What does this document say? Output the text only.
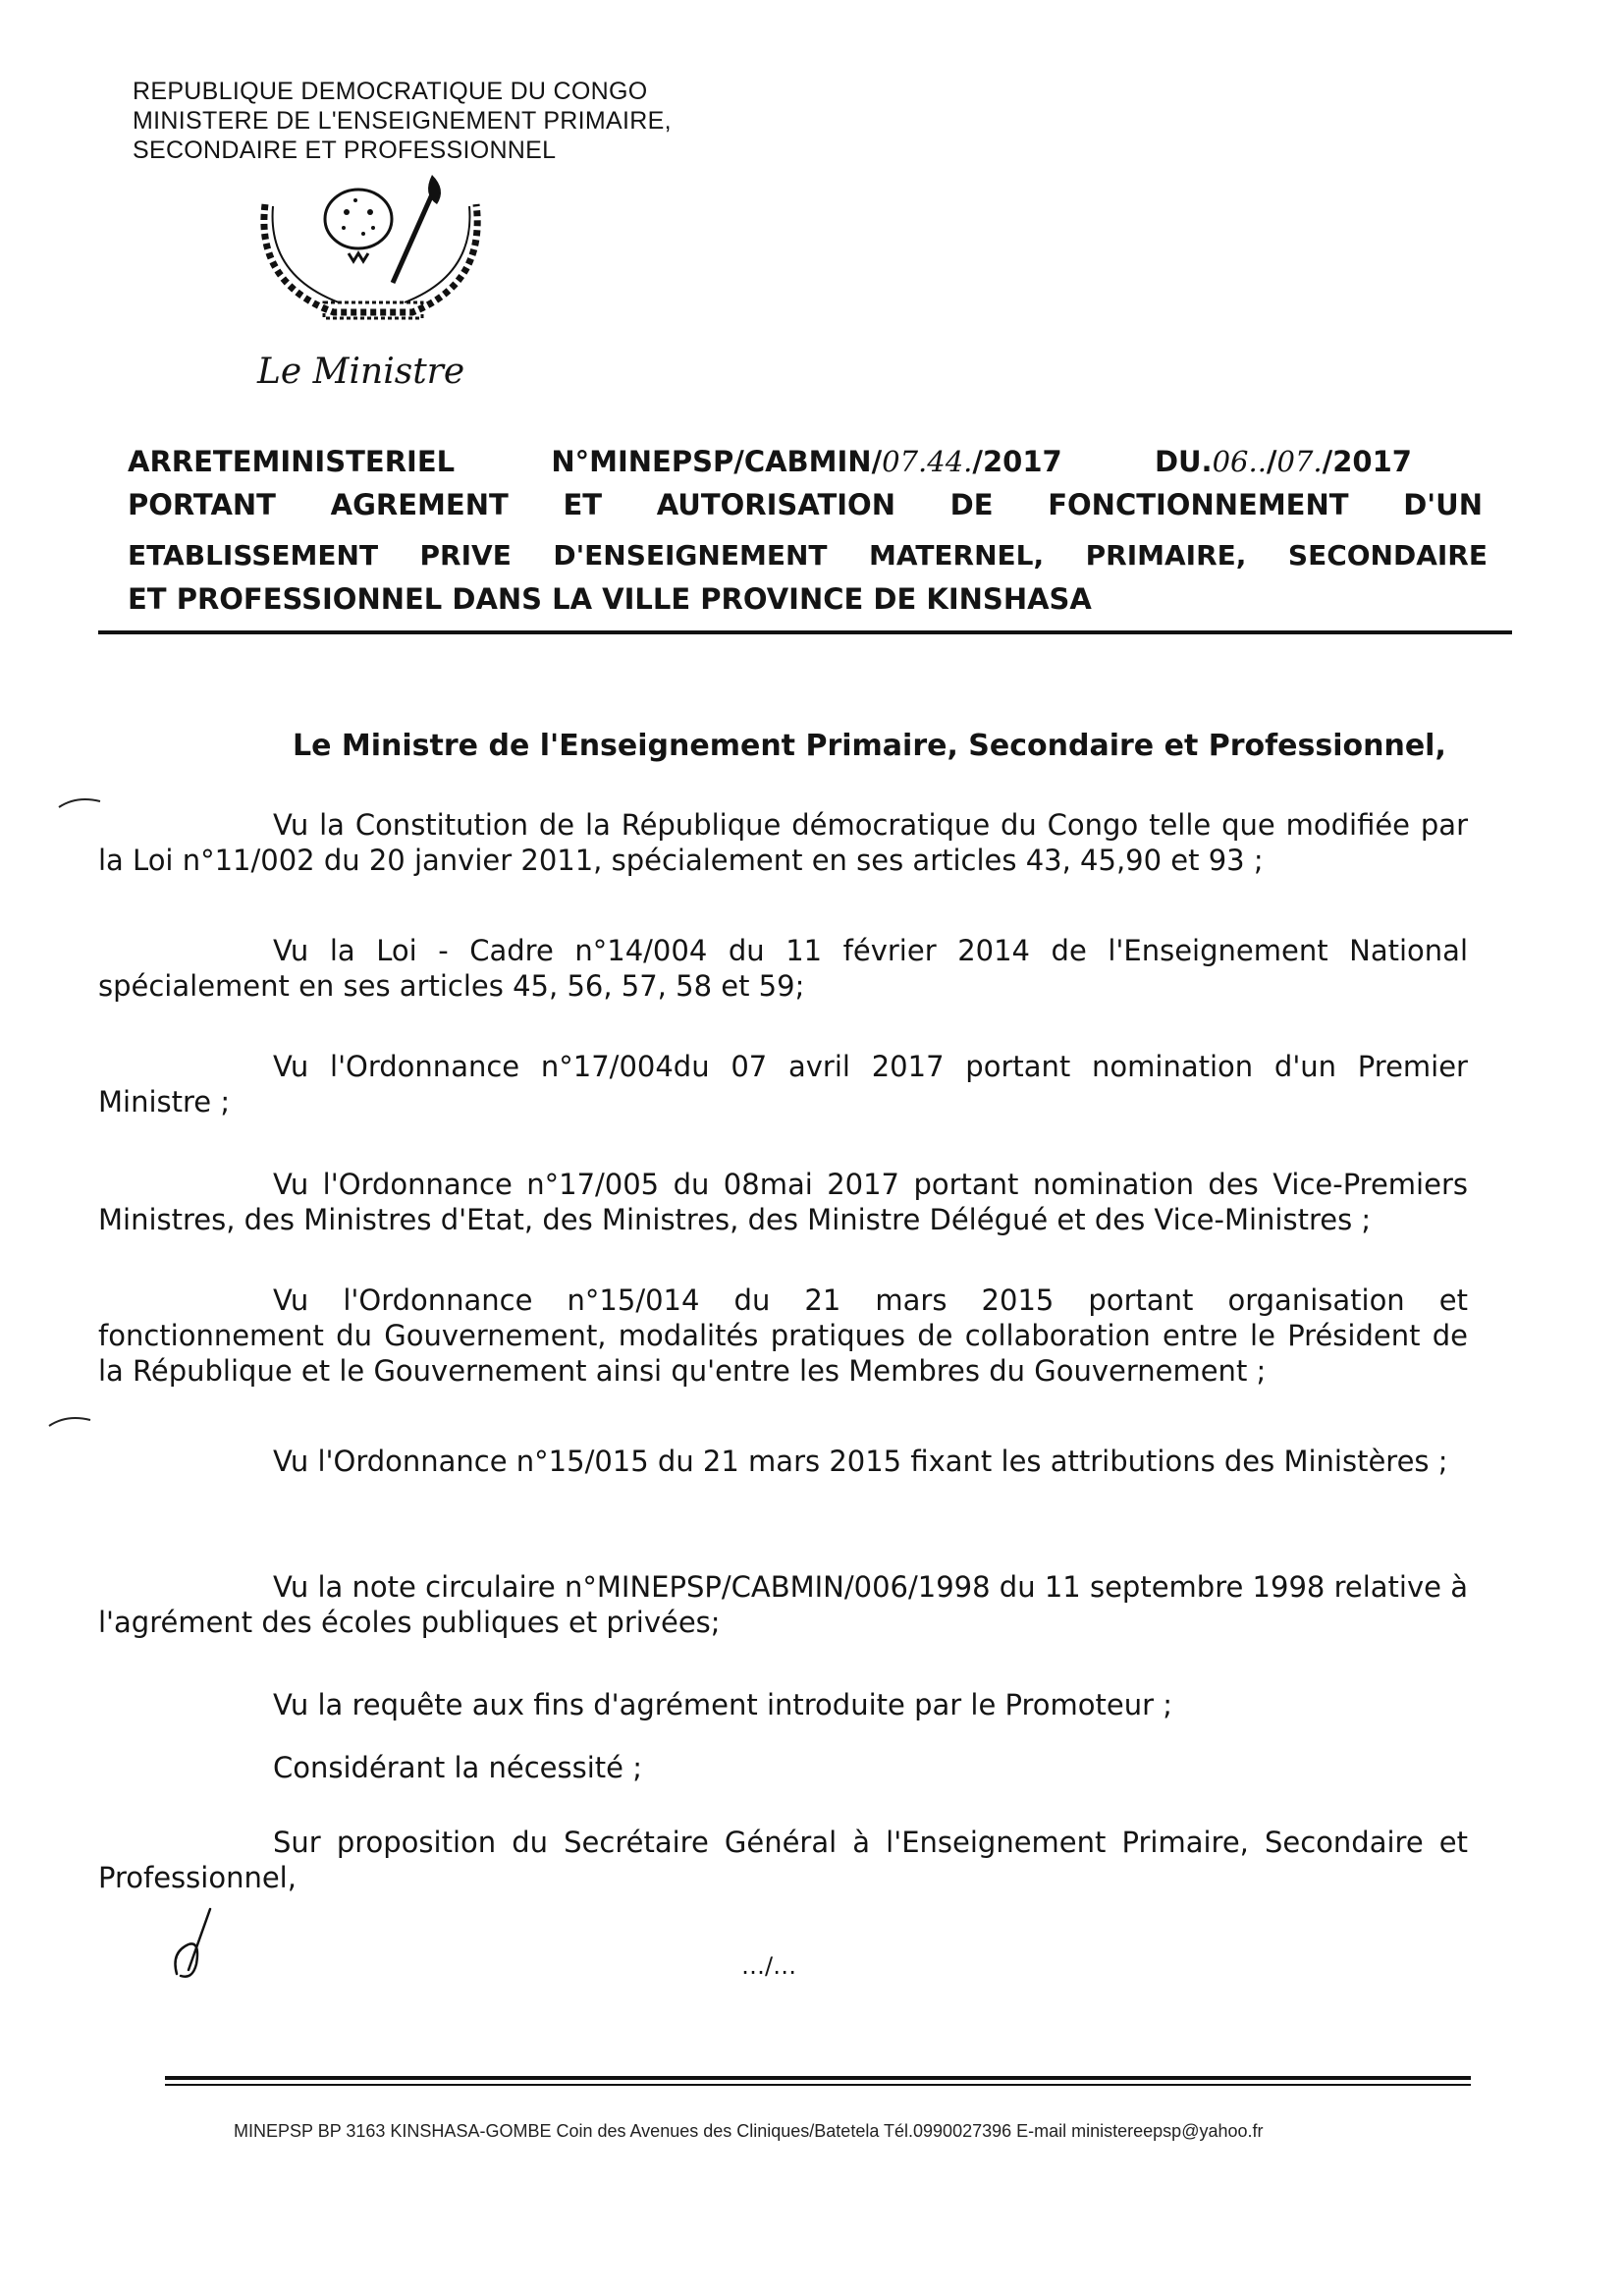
REPUBLIQUE DEMOCRATIQUE DU CONGO
MINISTERE DE L'ENSEIGNEMENT PRIMAIRE,
SECONDAIRE ET PROFESSIONNEL
Le Ministre
ARRETEMINISTERIEL	N°MINEPSP/CABMIN/07.44./2017	DU.06../07./2017
PORTANT AGREMENT ET AUTORISATION DE FONCTIONNEMENT D'UN
ETABLISSEMENT PRIVE D'ENSEIGNEMENT MATERNEL, PRIMAIRE, SECONDAIRE
ET PROFESSIONNEL DANS LA VILLE PROVINCE DE KINSHASA
Le Ministre de l'Enseignement Primaire, Secondaire et Professionnel,
Vu la Constitution de la République démocratique du Congo telle que modifiée par la Loi n°11/002 du 20 janvier 2011, spécialement en ses articles 43, 45,90 et 93 ;
Vu la Loi - Cadre n°14/004 du 11 février 2014 de l'Enseignement National spécialement en ses articles 45, 56, 57, 58 et 59;
Vu l'Ordonnance n°17/004du 07 avril 2017 portant nomination d'un Premier Ministre ;
Vu l'Ordonnance n°17/005 du 08mai 2017 portant nomination des Vice-Premiers Ministres, des Ministres d'Etat, des Ministres, des Ministre Délégué et des Vice-Ministres ;
Vu l'Ordonnance n°15/014 du 21 mars 2015 portant organisation et fonctionnement du Gouvernement, modalités pratiques de collaboration entre le Président de la République et le Gouvernement ainsi qu'entre les Membres du Gouvernement ;
Vu l'Ordonnance n°15/015 du 21 mars 2015 fixant les attributions des Ministères ;
Vu la note circulaire n°MINEPSP/CABMIN/006/1998 du 11 septembre 1998 relative à l'agrément des écoles publiques et privées;
Vu la requête aux fins d'agrément introduite par le Promoteur ;
Considérant la nécessité ;
Sur proposition du Secrétaire Général à l'Enseignement Primaire, Secondaire et Professionnel,
…/…
MINEPSP BP 3163 KINSHASA-GOMBE Coin des Avenues des Cliniques/Batetela Tél.0990027396 E-mail ministereepsp@yahoo.fr
